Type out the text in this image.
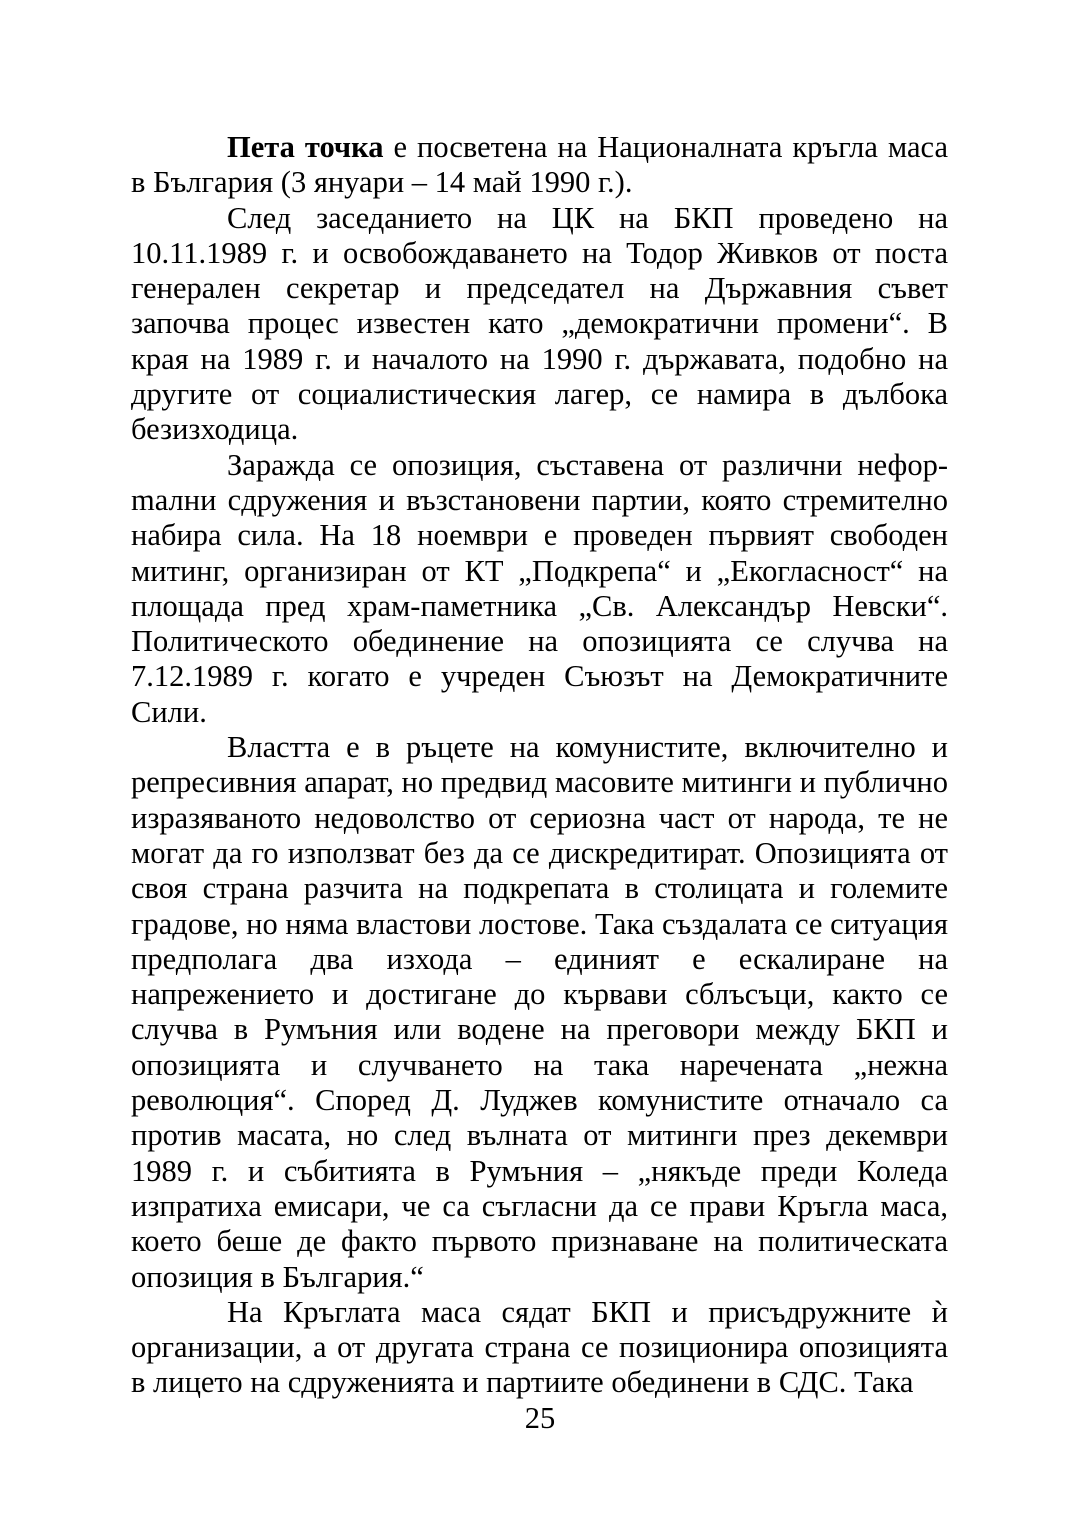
Пета точка е посветена на Националната кръгла маса в България (3 януари – 14 май 1990 г.).

След заседанието на ЦК на БКП проведено на 10.11.1989 г. и освобождаването на Тодор Живков от поста генерален секретар и председател на Държавния съвет започва процес известен като „демократични промени“. В края на 1989 г. и началото на 1990 г. държавата, подобно на другите от социалистическия лагер, се намира в дълбока безизходица.

Заражда се опозиция, съставена от различни нефорmални сдружения и възстановени партии, която стремително набира сила. На 18 ноември е проведен първият свободен митинг, организиран от КТ „Подкрепа“ и „Екогласност“ на площада пред храм-паметника „Св. Александър Невски“. Политическото обединение на опозицията се случва на 7.12.1989 г. когато е учреден Съюзът на Демократичните Сили.

Властта е в ръцете на комунистите, включително и репресивния апарат, но предвид масовите митинги и публично изразяваното недоволство от сериозна част от народа, те не могат да го използват без да се дискредитират. Опозицията от своя страна разчита на подкрепата в столицата и големите градове, но няма властови лостове. Така създалата се ситуация предполага два изхода – единият е ескалиране на напрежението и достигане до кървави сблъсъци, както се случва в Румъния или водене на преговори между БКП и опозицията и случването на така наречената „нежна революция“. Според Д. Луджев комунистите отначало са против масата, но след вълната от митинги през декември 1989 г. и събитията в Румъния – „някъде преди Коледа изпратиха емисари, че са съгласни да се прави Кръгла маса, което беше де факто първото признаване на политическата опозиция в България.“

На Кръглата маса сядат БКП и присъдружните ѝ организации, а от другата страна се позиционира опозицията в лицето на сдруженията и партиите обединени в СДС. Така

25
